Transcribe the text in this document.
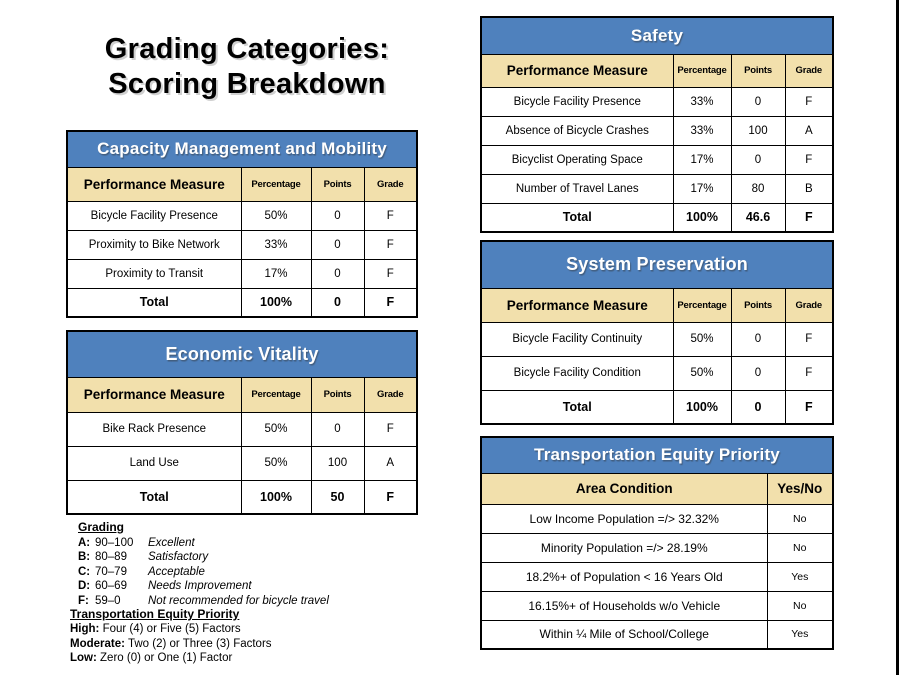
Grading Categories:
Scoring Breakdown
Capacity Management and Mobility			
Performance Measure	Percentage	Points	Grade
Bicycle Facility Presence	50%	0	F
Proximity to Bike Network	33%	0	F
Proximity to Transit	17%	0	F
Total	100%	0	F
Economic Vitality			
Performance Measure	Percentage	Points	Grade
Bike Rack Presence	50%	0	F
Land Use	50%	100	A
Total	100%	50	F
Safety			
Performance Measure	Percentage	Points	Grade
Bicycle Facility Presence	33%	0	F
Absence of Bicycle Crashes	33%	100	A
Bicyclist Operating Space	17%	0	F
Number of Travel Lanes	17%	80	B
Total	100%	46.6	F
System Preservation			
Performance Measure	Percentage	Points	Grade
Bicycle Facility Continuity	50%	0	F
Bicycle Facility Condition	50%	0	F
Total	100%	0	F
Transportation Equity Priority	
Area Condition	Yes/No
Low Income Population =/> 32.32%	No
Minority Population =/> 28.19%	No
18.2%+ of Population < 16 Years Old	Yes
16.15%+ of Households w/o Vehicle	No
Within ¼ Mile of School/College	Yes
Grading
A: 90–100	Excellent
B: 80–89	Satisfactory
C: 70–79	Acceptable
D: 60–69	Needs Improvement
F: 59–0	Not recommended for bicycle travel
Transportation Equity Priority
High: Four (4) or Five (5) Factors
Moderate: Two (2) or Three (3) Factors
Low: Zero (0) or One (1) Factor
